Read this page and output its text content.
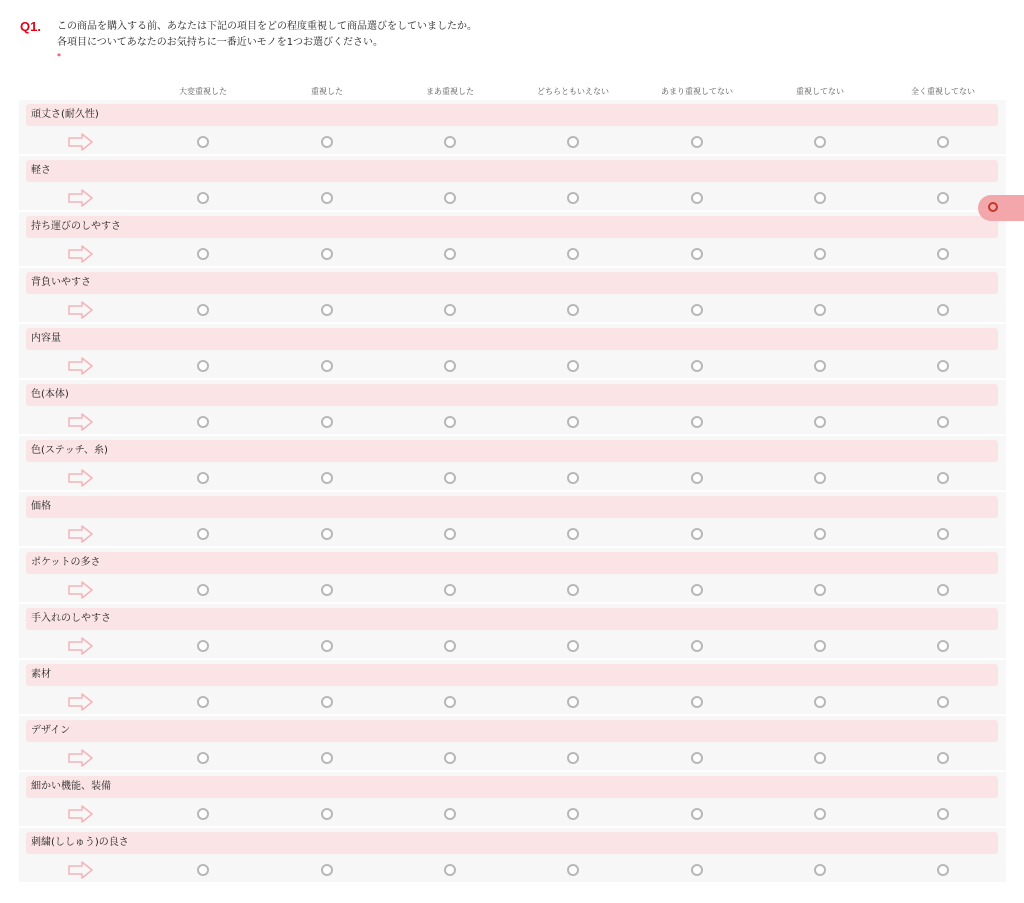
Q1. この商品を購入する前、あなたは下記の項目をどの程度重視して商品選びをしていましたか。
各項目についてあなたのお気持ちに一番近いモノを1つお選びください。
*
大変重視した	重視した	まあ重視した	どちらともいえない	あまり重視してない	重視してない	全く重視してない
頑丈さ(耐久性)
軽さ
持ち運びのしやすさ
背負いやすさ
内容量
色(本体)
色(ステッチ、糸)
価格
ポケットの多さ
手入れのしやすさ
素材
デザイン
細かい機能、装備
刺繍(ししゅう)の良さ
